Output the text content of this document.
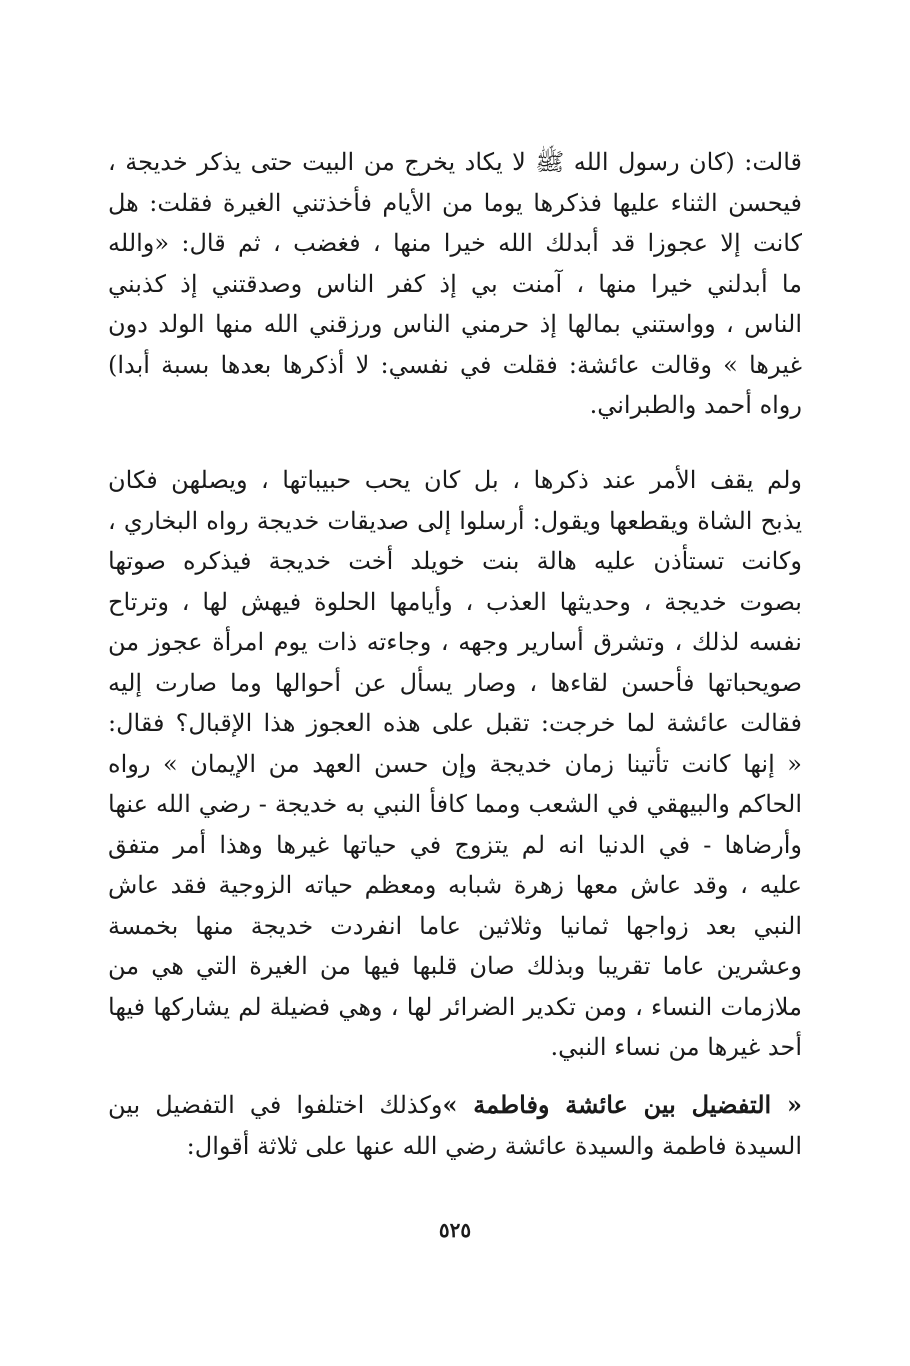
قالت: (كان رسول الله ﷺ لا يكاد يخرج من البيت حتى يذكر خديجة ،
فيحسن الثناء عليها فذكرها يوما من الأيام فأخذتني الغيرة فقلت: هل
كانت إلا عجوزا قد أبدلك الله خيرا منها ، فغضب ، ثم قال: «والله
ما أبدلني خيرا منها ، آمنت بي إذ كفر الناس وصدقتني إذ كذبني
الناس ، وواستني بمالها إذ حرمني الناس ورزقني الله منها الولد دون
غيرها » وقالت عائشة: فقلت في نفسي: لا أذكرها بعدها بسبة أبدا)
رواه أحمد والطبراني.
ولم يقف الأمر عند ذكرها ، بل كان يحب حبيباتها ، ويصلهن فكان
يذبح الشاة ويقطعها ويقول: أرسلوا إلى صديقات خديجة رواه البخاري ،
وكانت تستأذن عليه هالة بنت خويلد أخت خديجة فيذكره صوتها
بصوت خديجة ، وحديثها العذب ، وأيامها الحلوة فيهش لها ، وترتاح
نفسه لذلك ، وتشرق أسارير وجهه ، وجاءته ذات يوم امرأة عجوز من
صويحباتها فأحسن لقاءها ، وصار يسأل عن أحوالها وما صارت إليه
فقالت عائشة لما خرجت: تقبل على هذه العجوز هذا الإقبال؟ فقال:
« إنها كانت تأتينا زمان خديجة وإن حسن العهد من الإيمان » رواه
الحاكم والبيهقي في الشعب ومما كافأ النبي به خديجة - رضي الله عنها
وأرضاها - في الدنيا انه لم يتزوج في حياتها غيرها وهذا أمر متفق
عليه ، وقد عاش معها زهرة شبابه ومعظم حياته الزوجية فقد عاش
النبي بعد زواجها ثمانيا وثلاثين عاما انفردت خديجة منها بخمسة
وعشرين عاما تقريبا وبذلك صان قلبها فيها من الغيرة التي هي من
ملازمات النساء ، ومن تكدير الضرائر لها ، وهي فضيلة لم يشاركها فيها
أحد غيرها من نساء النبي.
« التفضيل بين عائشة وفاطمة »وكذلك اختلفوا في التفضيل بين
السيدة فاطمة والسيدة عائشة رضي الله عنها على ثلاثة أقوال:
٥٢٥
